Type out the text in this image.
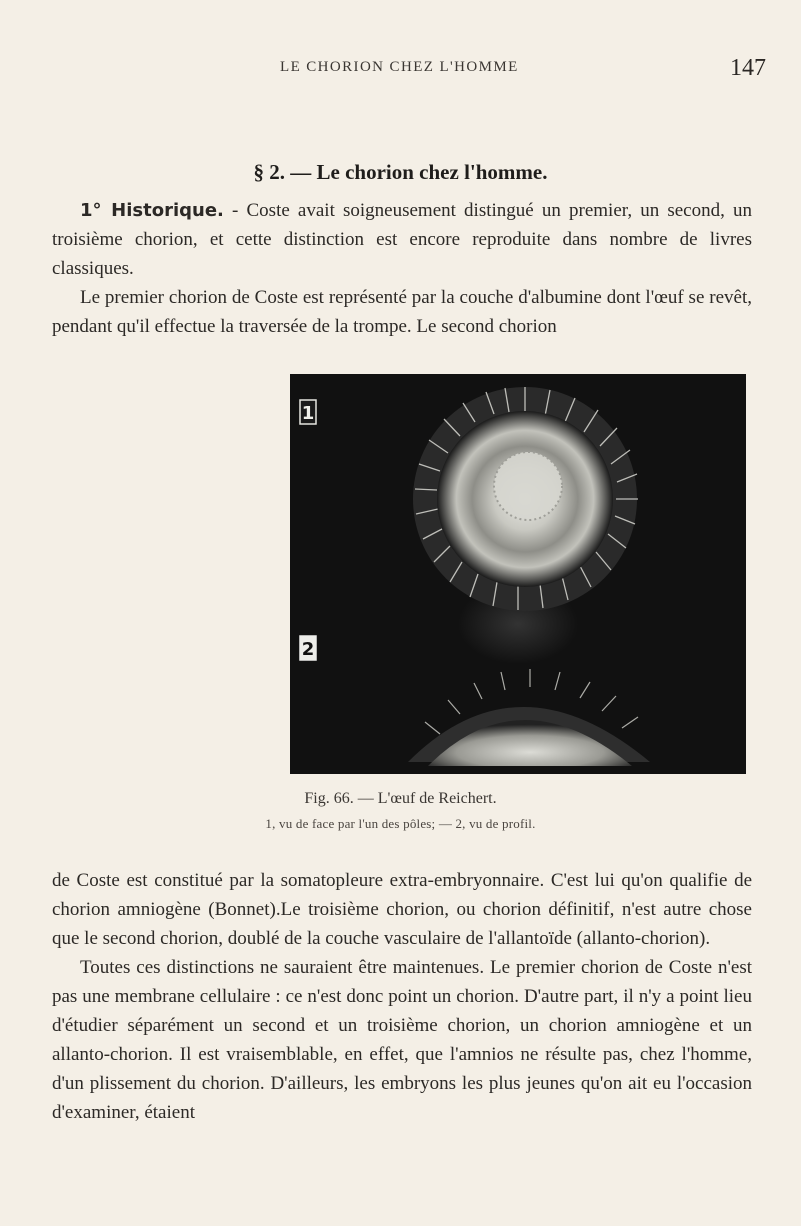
LE CHORION CHEZ L'HOMME	147
§ 2. — Le chorion chez l'homme.

1° Historique. - Coste avait soigneusement distingué un premier, un second, un troisième chorion, et cette distinction est encore reproduite dans nombre de livres classiques.

Le premier chorion de Coste est représenté par la couche d'albumine dont l'œuf se revêt, pendant qu'il effectue la traversée de la trompe. Le second chorion

1
2
Fig. 66. — L'œuf de Reichert.
1, vu de face par l'un des pôles; — 2, vu de profil.

de Coste est constitué par la somatopleure extra-embryonnaire. C'est lui qu'on qualifie de chorion amniogène (Bonnet).Le troisième chorion, ou chorion définitif, n'est autre chose que le second chorion, doublé de la couche vasculaire de l'allantoïde (allanto-chorion).

Toutes ces distinctions ne sauraient être maintenues. Le premier chorion de Coste n'est pas une membrane cellulaire : ce n'est donc point un chorion. D'autre part, il n'y a point lieu d'étudier séparément un second et un troisième chorion, un chorion amniogène et un allanto-chorion. Il est vraisemblable, en effet, que l'amnios ne résulte pas, chez l'homme, d'un plissement du chorion. D'ailleurs, les embryons les plus jeunes qu'on ait eu l'occasion d'examiner, étaient
